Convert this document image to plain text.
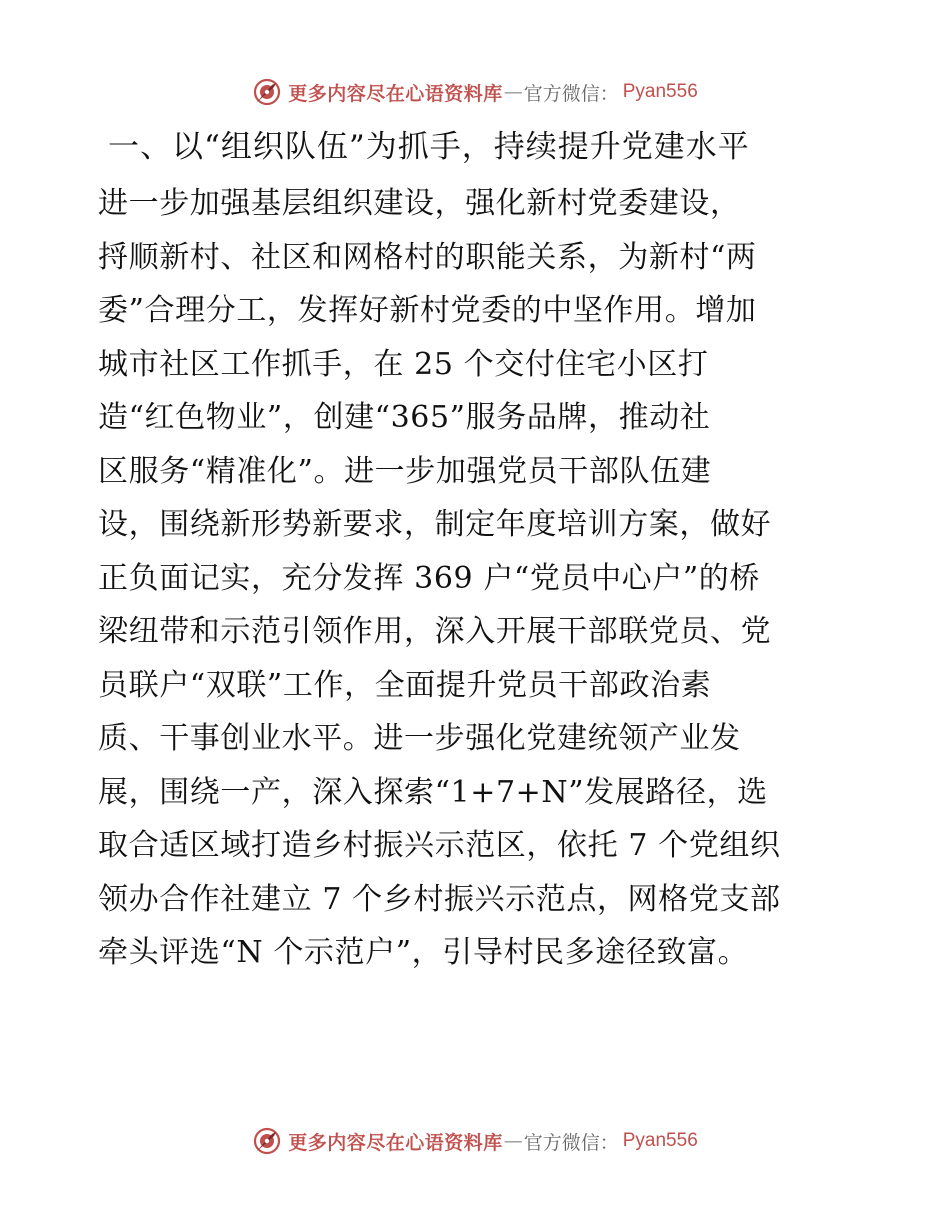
更多内容尽在心语资料库 — 官方微信： Pyan556
一、以“组织队伍”为抓手，持续提升党建水平
进一步加强基层组织建设，强化新村党委建设，
捋顺新村、社区和网格村的职能关系，为新村“两
委”合理分工，发挥好新村党委的中坚作用。增加
城市社区工作抓手，在 25 个交付住宅小区打
造“红色物业”，创建“365”服务品牌，推动社
区服务“精准化”。进一步加强党员干部队伍建
设，围绕新形势新要求，制定年度培训方案，做好
正负面记实，充分发挥 369 户“党员中心户”的桥
梁纽带和示范引领作用，深入开展干部联党员、党
员联户“双联”工作，全面提升党员干部政治素
质、干事创业水平。进一步强化党建统领产业发
展，围绕一产，深入探索“1+7+N”发展路径，选
取合适区域打造乡村振兴示范区，依托 7 个党组织
领办合作社建立 7 个乡村振兴示范点，网格党支部
牵头评选“N 个示范户”，引导村民多途径致富。
更多内容尽在心语资料库 — 官方微信： Pyan556
